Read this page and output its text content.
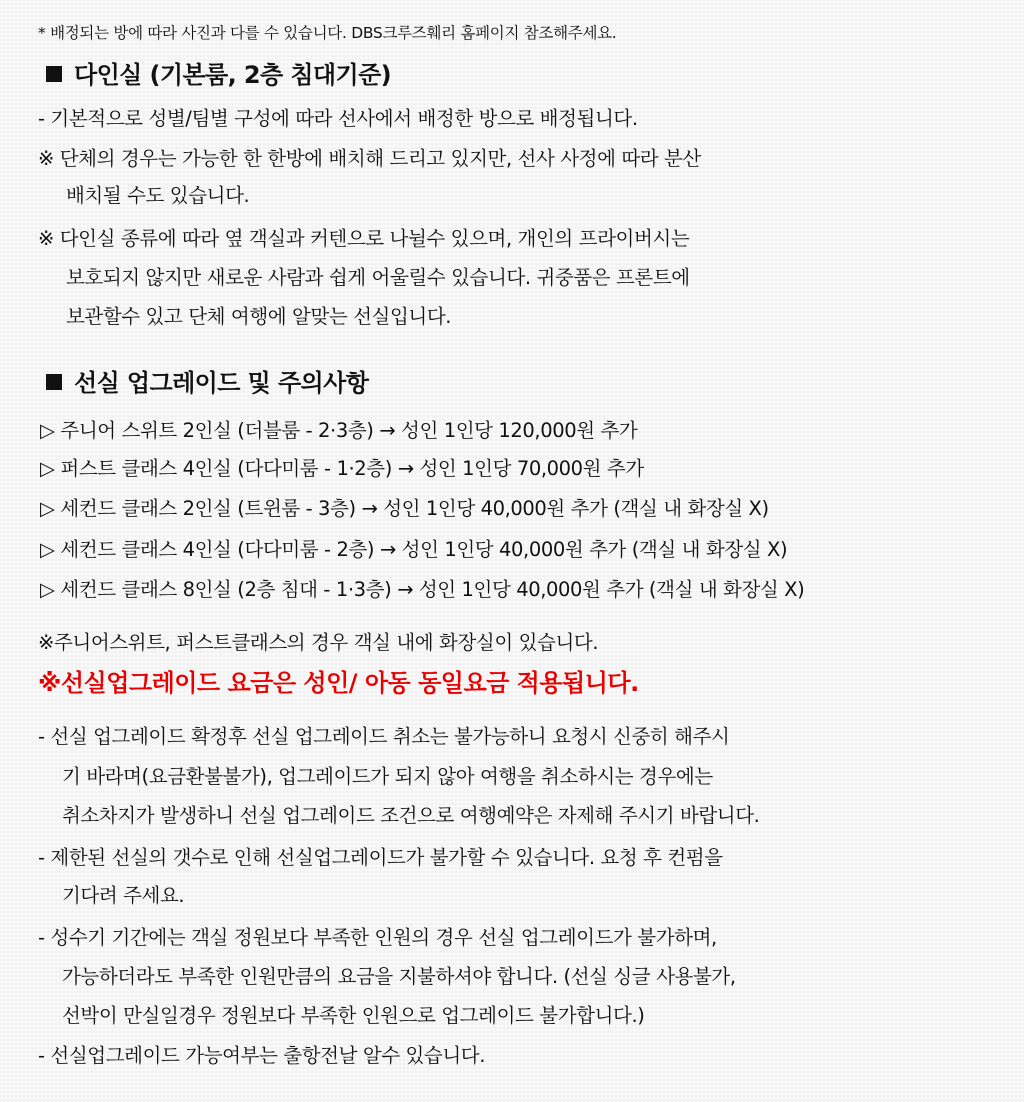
* 배정되는 방에 따라 사진과 다를 수 있습니다. DBS크루즈훼리 홈페이지 참조해주세요.
다인실 (기본룸, 2층 침대기준)
- 기본적으로 성별/팀별 구성에 따라 선사에서 배정한 방으로 배정됩니다.
※ 단체의 경우는 가능한 한 한방에 배치해 드리고 있지만, 선사 사정에 따라 분산
배치될 수도 있습니다.
※ 다인실 종류에 따라 옆 객실과 커텐으로 나뉠수 있으며, 개인의 프라이버시는
보호되지 않지만 새로운 사람과 쉽게 어울릴수 있습니다. 귀중품은 프론트에
보관할수 있고 단체 여행에 알맞는 선실입니다.
선실 업그레이드 및 주의사항
▷ 주니어 스위트 2인실 (더블룸 - 2·3층) → 성인 1인당 120,000원 추가
▷ 퍼스트 클래스 4인실 (다다미룸 - 1·2층) → 성인 1인당 70,000원 추가
▷ 세컨드 클래스 2인실 (트윈룸 - 3층) → 성인 1인당 40,000원 추가 (객실 내 화장실 X)
▷ 세컨드 클래스 4인실 (다다미룸 - 2층) → 성인 1인당 40,000원 추가 (객실 내 화장실 X)
▷ 세컨드 클래스 8인실 (2층 침대 - 1·3층) → 성인 1인당 40,000원 추가 (객실 내 화장실 X)
※주니어스위트, 퍼스트클래스의 경우 객실 내에 화장실이 있습니다.
※선실업그레이드 요금은 성인/ 아동 동일요금 적용됩니다.
- 선실 업그레이드 확정후 선실 업그레이드 취소는 불가능하니 요청시 신중히 해주시
기 바라며(요금환불불가), 업그레이드가 되지 않아 여행을 취소하시는 경우에는
취소차지가 발생하니 선실 업그레이드 조건으로 여행예약은 자제해 주시기 바랍니다.
- 제한된 선실의 갯수로 인해 선실업그레이드가 불가할 수 있습니다. 요청 후 컨펌을
기다려 주세요.
- 성수기 기간에는 객실 정원보다 부족한 인원의 경우 선실 업그레이드가 불가하며,
가능하더라도 부족한 인원만큼의 요금을 지불하셔야 합니다. (선실 싱글 사용불가,
선박이 만실일경우 정원보다 부족한 인원으로 업그레이드 불가합니다.)
- 선실업그레이드 가능여부는 출항전날 알수 있습니다.
